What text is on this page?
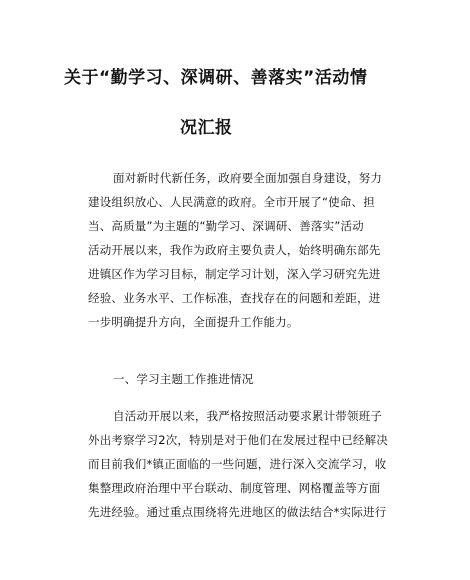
关于“勤学习、深调研、善落实”活动情
况汇报
面对新时代新任务，政府要全面加强自身建设，努力
建设组织放心、人民满意的政府。全市开展了“使命、担
当、高质量”为主题的“勤学习、深调研、善落实”活动
活动开展以来，我作为政府主要负责人，始终明确东部先
进镇区作为学习目标，制定学习计划，深入学习研究先进
经验、业务水平、工作标准，查找存在的问题和差距，进
一步明确提升方向，全面提升工作能力。
一、学习主题工作推进情况
自活动开展以来，我严格按照活动要求累计带领班子
外出考察学习2次，特别是对于他们在发展过程中已经解决
而目前我们*镇正面临的一些问题，进行深入交流学习，收
集整理政府治理中平台联动、制度管理、网格覆盖等方面
先进经验。通过重点围绕将先进地区的做法结合*实际进行
